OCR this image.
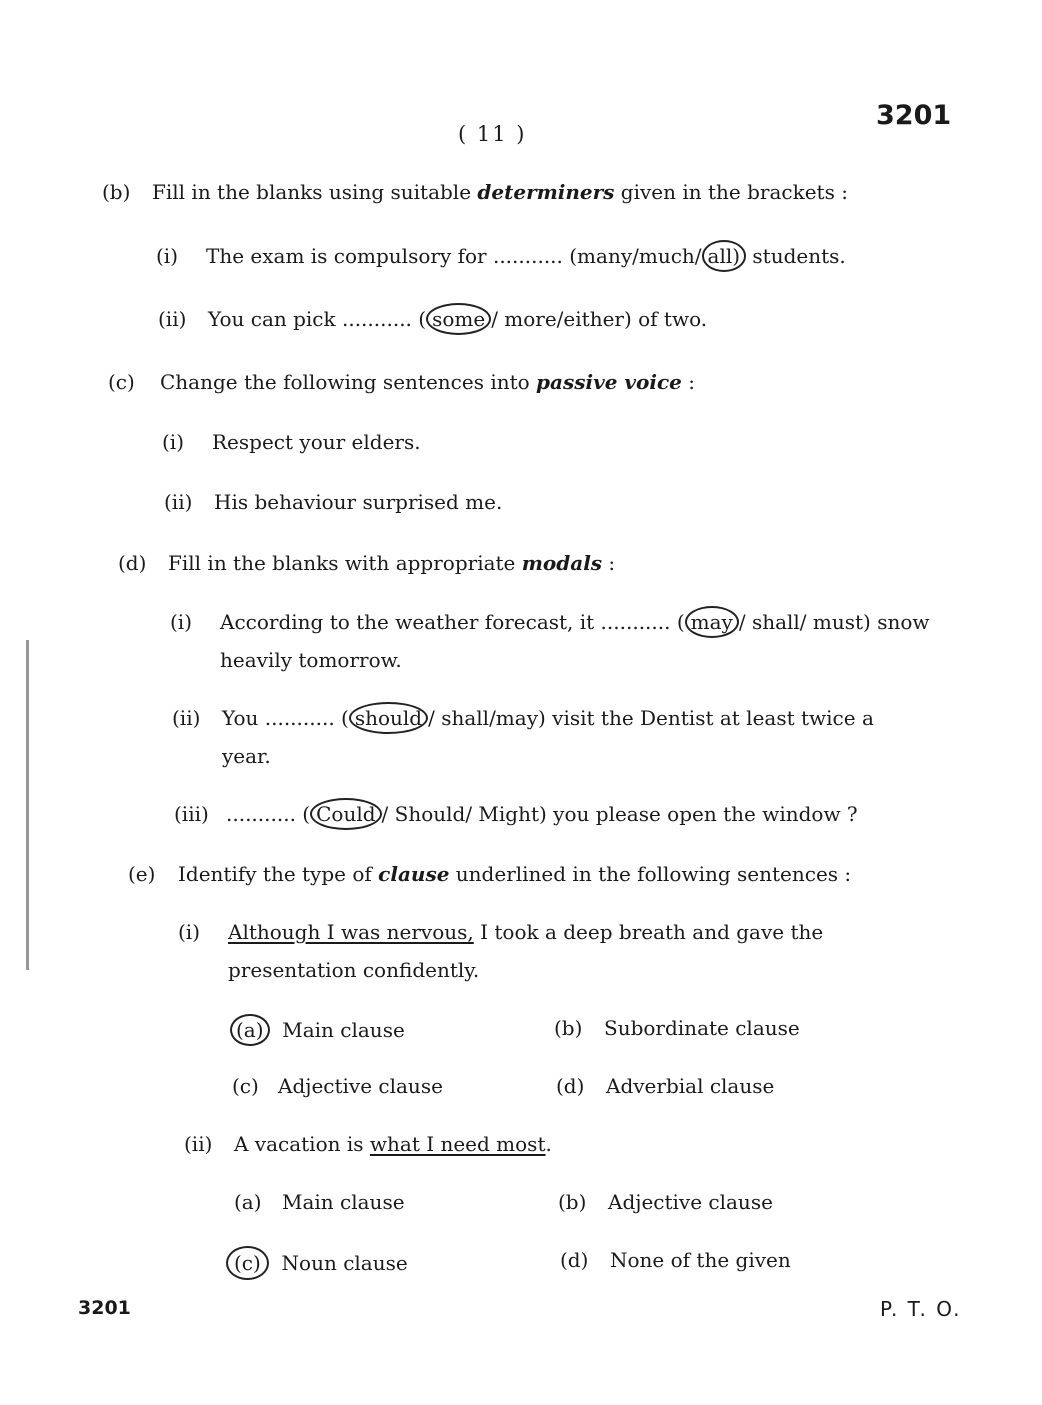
( 11 )
3201
(b) Fill in the blanks using suitable determiners given in the brackets :
(i) The exam is compulsory for ........... (many/much/ all) students.
(ii) You can pick ........... ( some / more/either) of two.
(c) Change the following sentences into passive voice :
(i) Respect your elders.
(ii) His behaviour surprised me.
(d) Fill in the blanks with appropriate modals :
(i) According to the weather forecast, it ........... ( may / shall/ must) snow
heavily tomorrow.
(ii) You ........... ( should / shall/may) visit the Dentist at least twice a
year.
(iii) ........... ( Could / Should/ Might) you please open the window ?
(e) Identify the type of clause underlined in the following sentences :
(i) Although I was nervous, I took a deep breath and gave the
presentation confidently.
(a) Main clause	(b) Subordinate clause
(c) Adjective clause	(d) Adverbial clause
(ii) A vacation is what I need most.
(a) Main clause	(b) Adjective clause
(c) Noun clause	(d) None of the given
3201	P. T. O.
